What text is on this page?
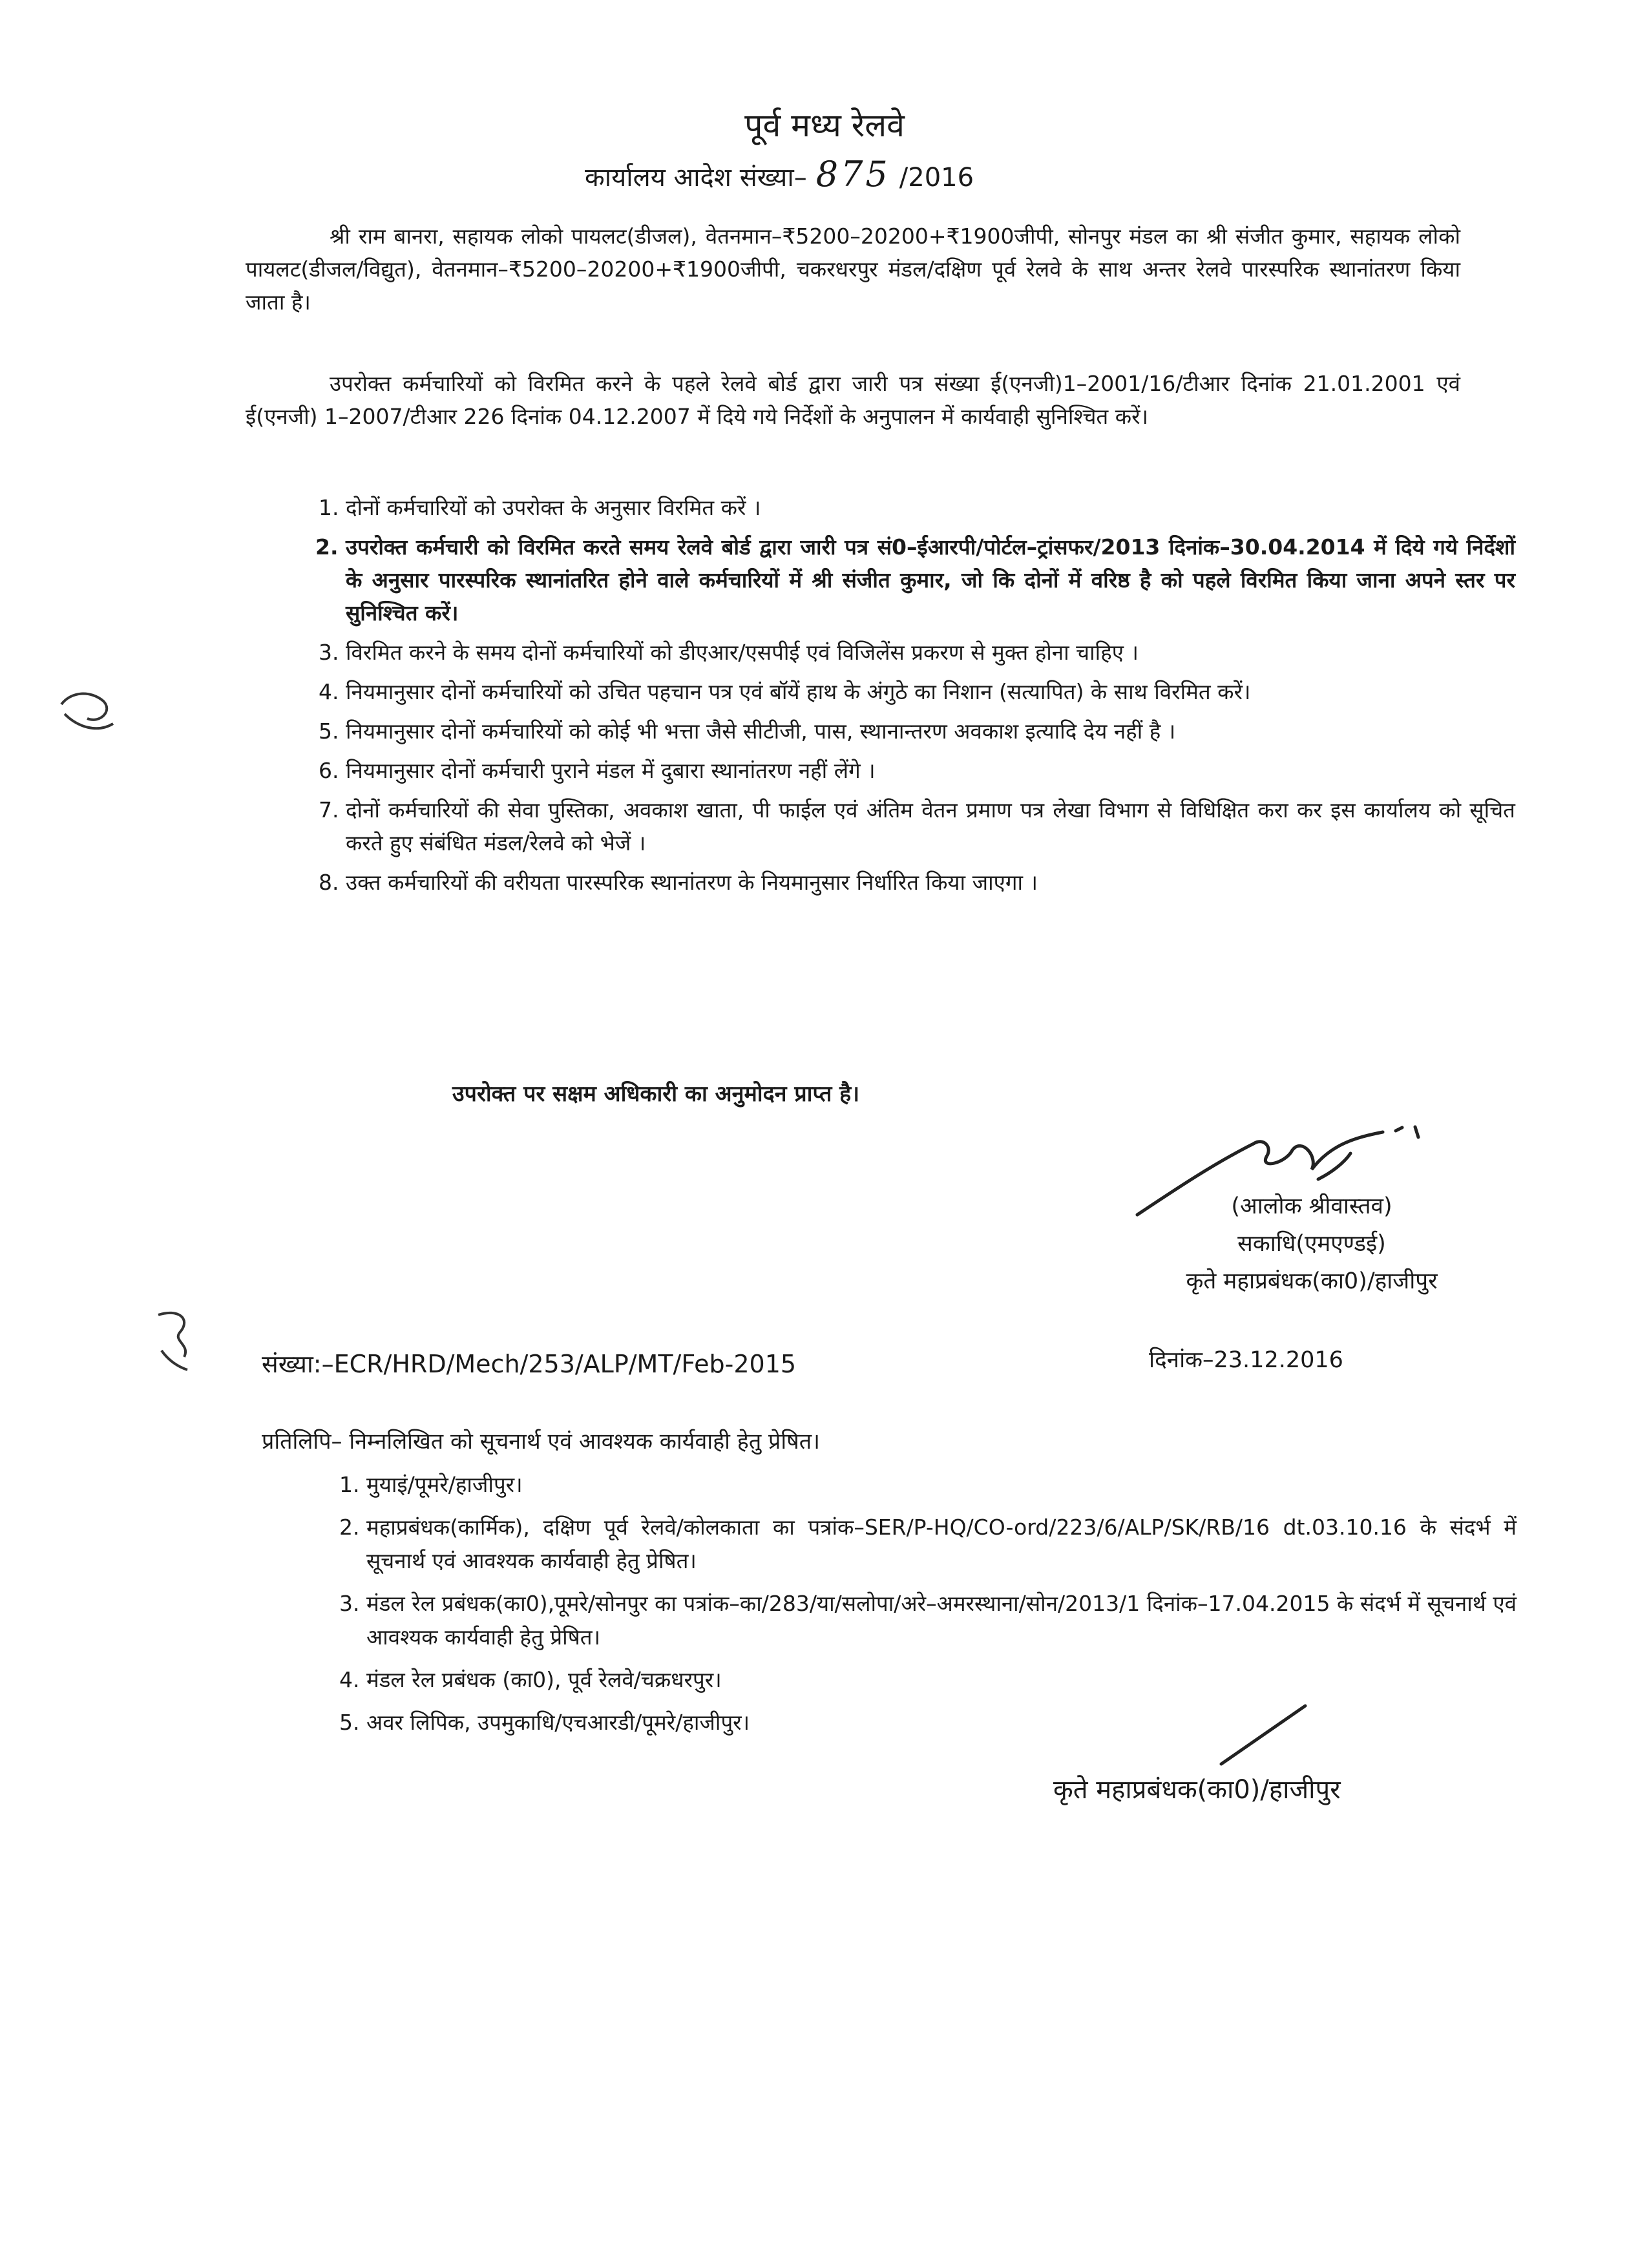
पूर्व मध्य रेलवे
कार्यालय आदेश संख्या– 875 /2016
श्री राम बानरा, सहायक लोको पायलट(डीजल), वेतनमान–₹5200–20200+₹1900जीपी, सोनपुर मंडल का श्री संजीत कुमार, सहायक लोको पायलट(डीजल/विद्युत), वेतनमान–₹5200–20200+₹1900जीपी, चकरधरपुर मंडल/दक्षिण पूर्व रेलवे के साथ अन्तर रेलवे पारस्परिक स्थानांतरण किया जाता है।
उपरोक्त कर्मचारियों को विरमित करने के पहले रेलवे बोर्ड द्वारा जारी पत्र संख्या ई(एनजी)1–2001/16/टीआर दिनांक 21.01.2001 एवं ई(एनजी) 1–2007/टीआर 226 दिनांक 04.12.2007 में दिये गये निर्देशों के अनुपालन में कार्यवाही सुनिश्चित करें।
1. दोनों कर्मचारियों को उपरोक्त के अनुसार विरमित करें ।
2. उपरोक्त कर्मचारी को विरमित करते समय रेलवे बोर्ड द्वारा जारी पत्र सं0–ईआरपी/पोर्टल–ट्रांसफर/2013 दिनांक–30.04.2014 में दिये गये निर्देशों के अनुसार पारस्परिक स्थानांतरित होने वाले कर्मचारियों में श्री संजीत कुमार, जो कि दोनों में वरिष्ठ है को पहले विरमित किया जाना अपने स्तर पर सुनिश्चित करें।
3. विरमित करने के समय दोनों कर्मचारियों को डीएआर/एसपीई एवं विजिलेंस प्रकरण से मुक्त होना चाहिए ।
4. नियमानुसार दोनों कर्मचारियों को उचित पहचान पत्र एवं बॉयें हाथ के अंगुठे का निशान (सत्यापित) के साथ विरमित करें।
5. नियमानुसार दोनों कर्मचारियों को कोई भी भत्ता जैसे सीटीजी, पास, स्थानान्तरण अवकाश इत्यादि देय नहीं है ।
6. नियमानुसार दोनों कर्मचारी पुराने मंडल में दुबारा स्थानांतरण नहीं लेंगे ।
7. दोनों कर्मचारियों की सेवा पुस्तिका, अवकाश खाता, पी फाईल एवं अंतिम वेतन प्रमाण पत्र लेखा विभाग से विधिक्षित करा कर इस कार्यालय को सूचित करते हुए संबंधित मंडल/रेलवे को भेजें ।
8. उक्त कर्मचारियों की वरीयता पारस्परिक स्थानांतरण के नियमानुसार निर्धारित किया जाएगा ।
उपरोक्त पर सक्षम अधिकारी का अनुमोदन प्राप्त है।
(आलोक श्रीवास्तव)
सकाधि(एमएण्डई)
कृते महाप्रबंधक(का0)/हाजीपुर
संख्या:–ECR/HRD/Mech/253/ALP/MT/Feb-2015	दिनांक–23.12.2016
प्रतिलिपि– निम्नलिखित को सूचनार्थ एवं आवश्यक कार्यवाही हेतु प्रेषित।
1. मुयाइं/पूमरे/हाजीपुर।
2. महाप्रबंधक(कार्मिक), दक्षिण पूर्व रेलवे/कोलकाता का पत्रांक–SER/P-HQ/CO-ord/223/6/ALP/SK/RB/16 dt.03.10.16 के संदर्भ में सूचनार्थ एवं आवश्यक कार्यवाही हेतु प्रेषित।
3. मंडल रेल प्रबंधक(का0),पूमरे/सोनपुर का पत्रांक–का/283/या/सलोपा/अरे–अमरस्थाना/सोन/2013/1 दिनांक–17.04.2015 के संदर्भ में सूचनार्थ एवं आवश्यक कार्यवाही हेतु प्रेषित।
4. मंडल रेल प्रबंधक (का0), पूर्व रेलवे/चक्रधरपुर।
5. अवर लिपिक, उपमुकाधि/एचआरडी/पूमरे/हाजीपुर।
कृते महाप्रबंधक(का0)/हाजीपुर
